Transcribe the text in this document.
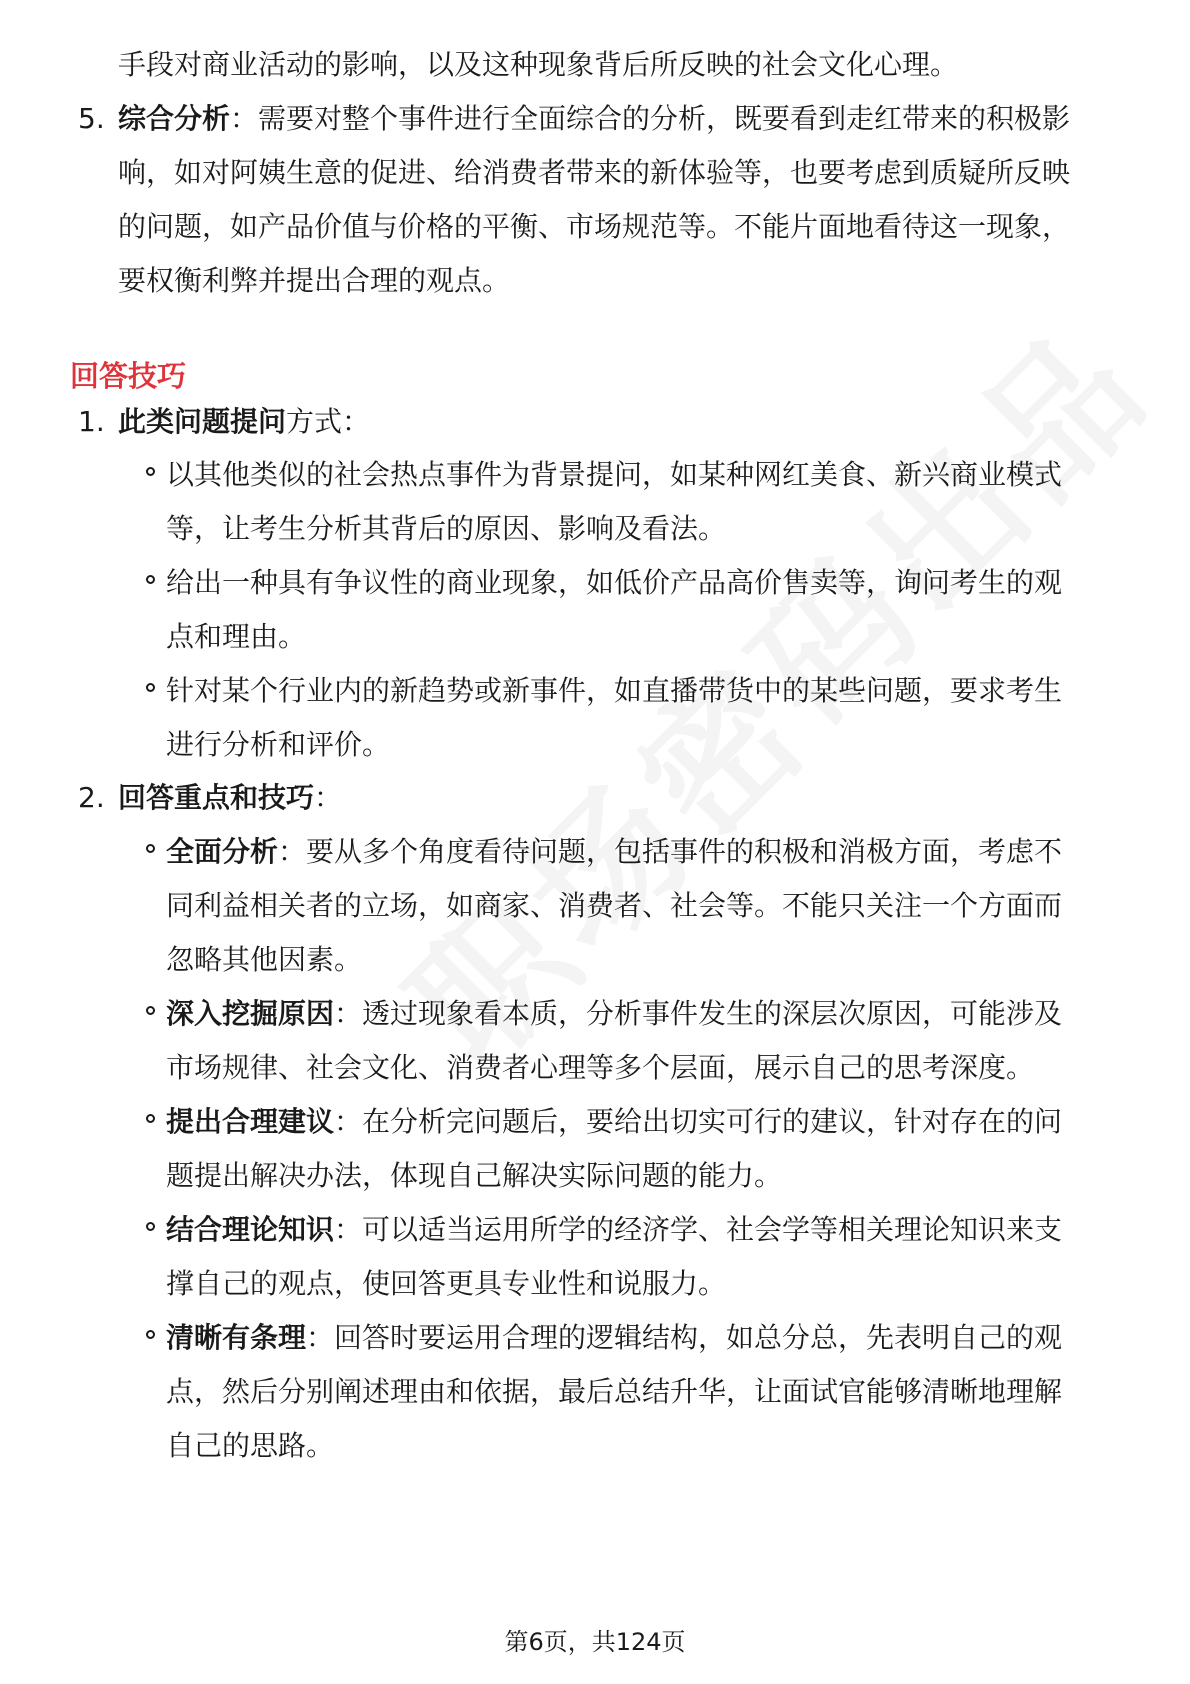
手段对商业活动的影响，以及这种现象背后所反映的社会文化心理。
5. 综合分析：需要对整个事件进行全面综合的分析，既要看到走红带来的积极影
响，如对阿姨生意的促进、给消费者带来的新体验等，也要考虑到质疑所反映
的问题，如产品价值与价格的平衡、市场规范等。不能片面地看待这一现象，
要权衡利弊并提出合理的观点。
回答技巧
1. 此类问题提问方式：
以其他类似的社会热点事件为背景提问，如某种网红美食、新兴商业模式
等，让考生分析其背后的原因、影响及看法。
给出一种具有争议性的商业现象，如低价产品高价售卖等，询问考生的观
点和理由。
针对某个行业内的新趋势或新事件，如直播带货中的某些问题，要求考生
进行分析和评价。
2. 回答重点和技巧：
全面分析：要从多个角度看待问题，包括事件的积极和消极方面，考虑不
同利益相关者的立场，如商家、消费者、社会等。不能只关注一个方面而
忽略其他因素。
深入挖掘原因：透过现象看本质，分析事件发生的深层次原因，可能涉及
市场规律、社会文化、消费者心理等多个层面，展示自己的思考深度。
提出合理建议：在分析完问题后，要给出切实可行的建议，针对存在的问
题提出解决办法，体现自己解决实际问题的能力。
结合理论知识：可以适当运用所学的经济学、社会学等相关理论知识来支
撑自己的观点，使回答更具专业性和说服力。
清晰有条理：回答时要运用合理的逻辑结构，如总分总，先表明自己的观
点，然后分别阐述理由和依据，最后总结升华，让面试官能够清晰地理解
自己的思路。
第6页，共124页
